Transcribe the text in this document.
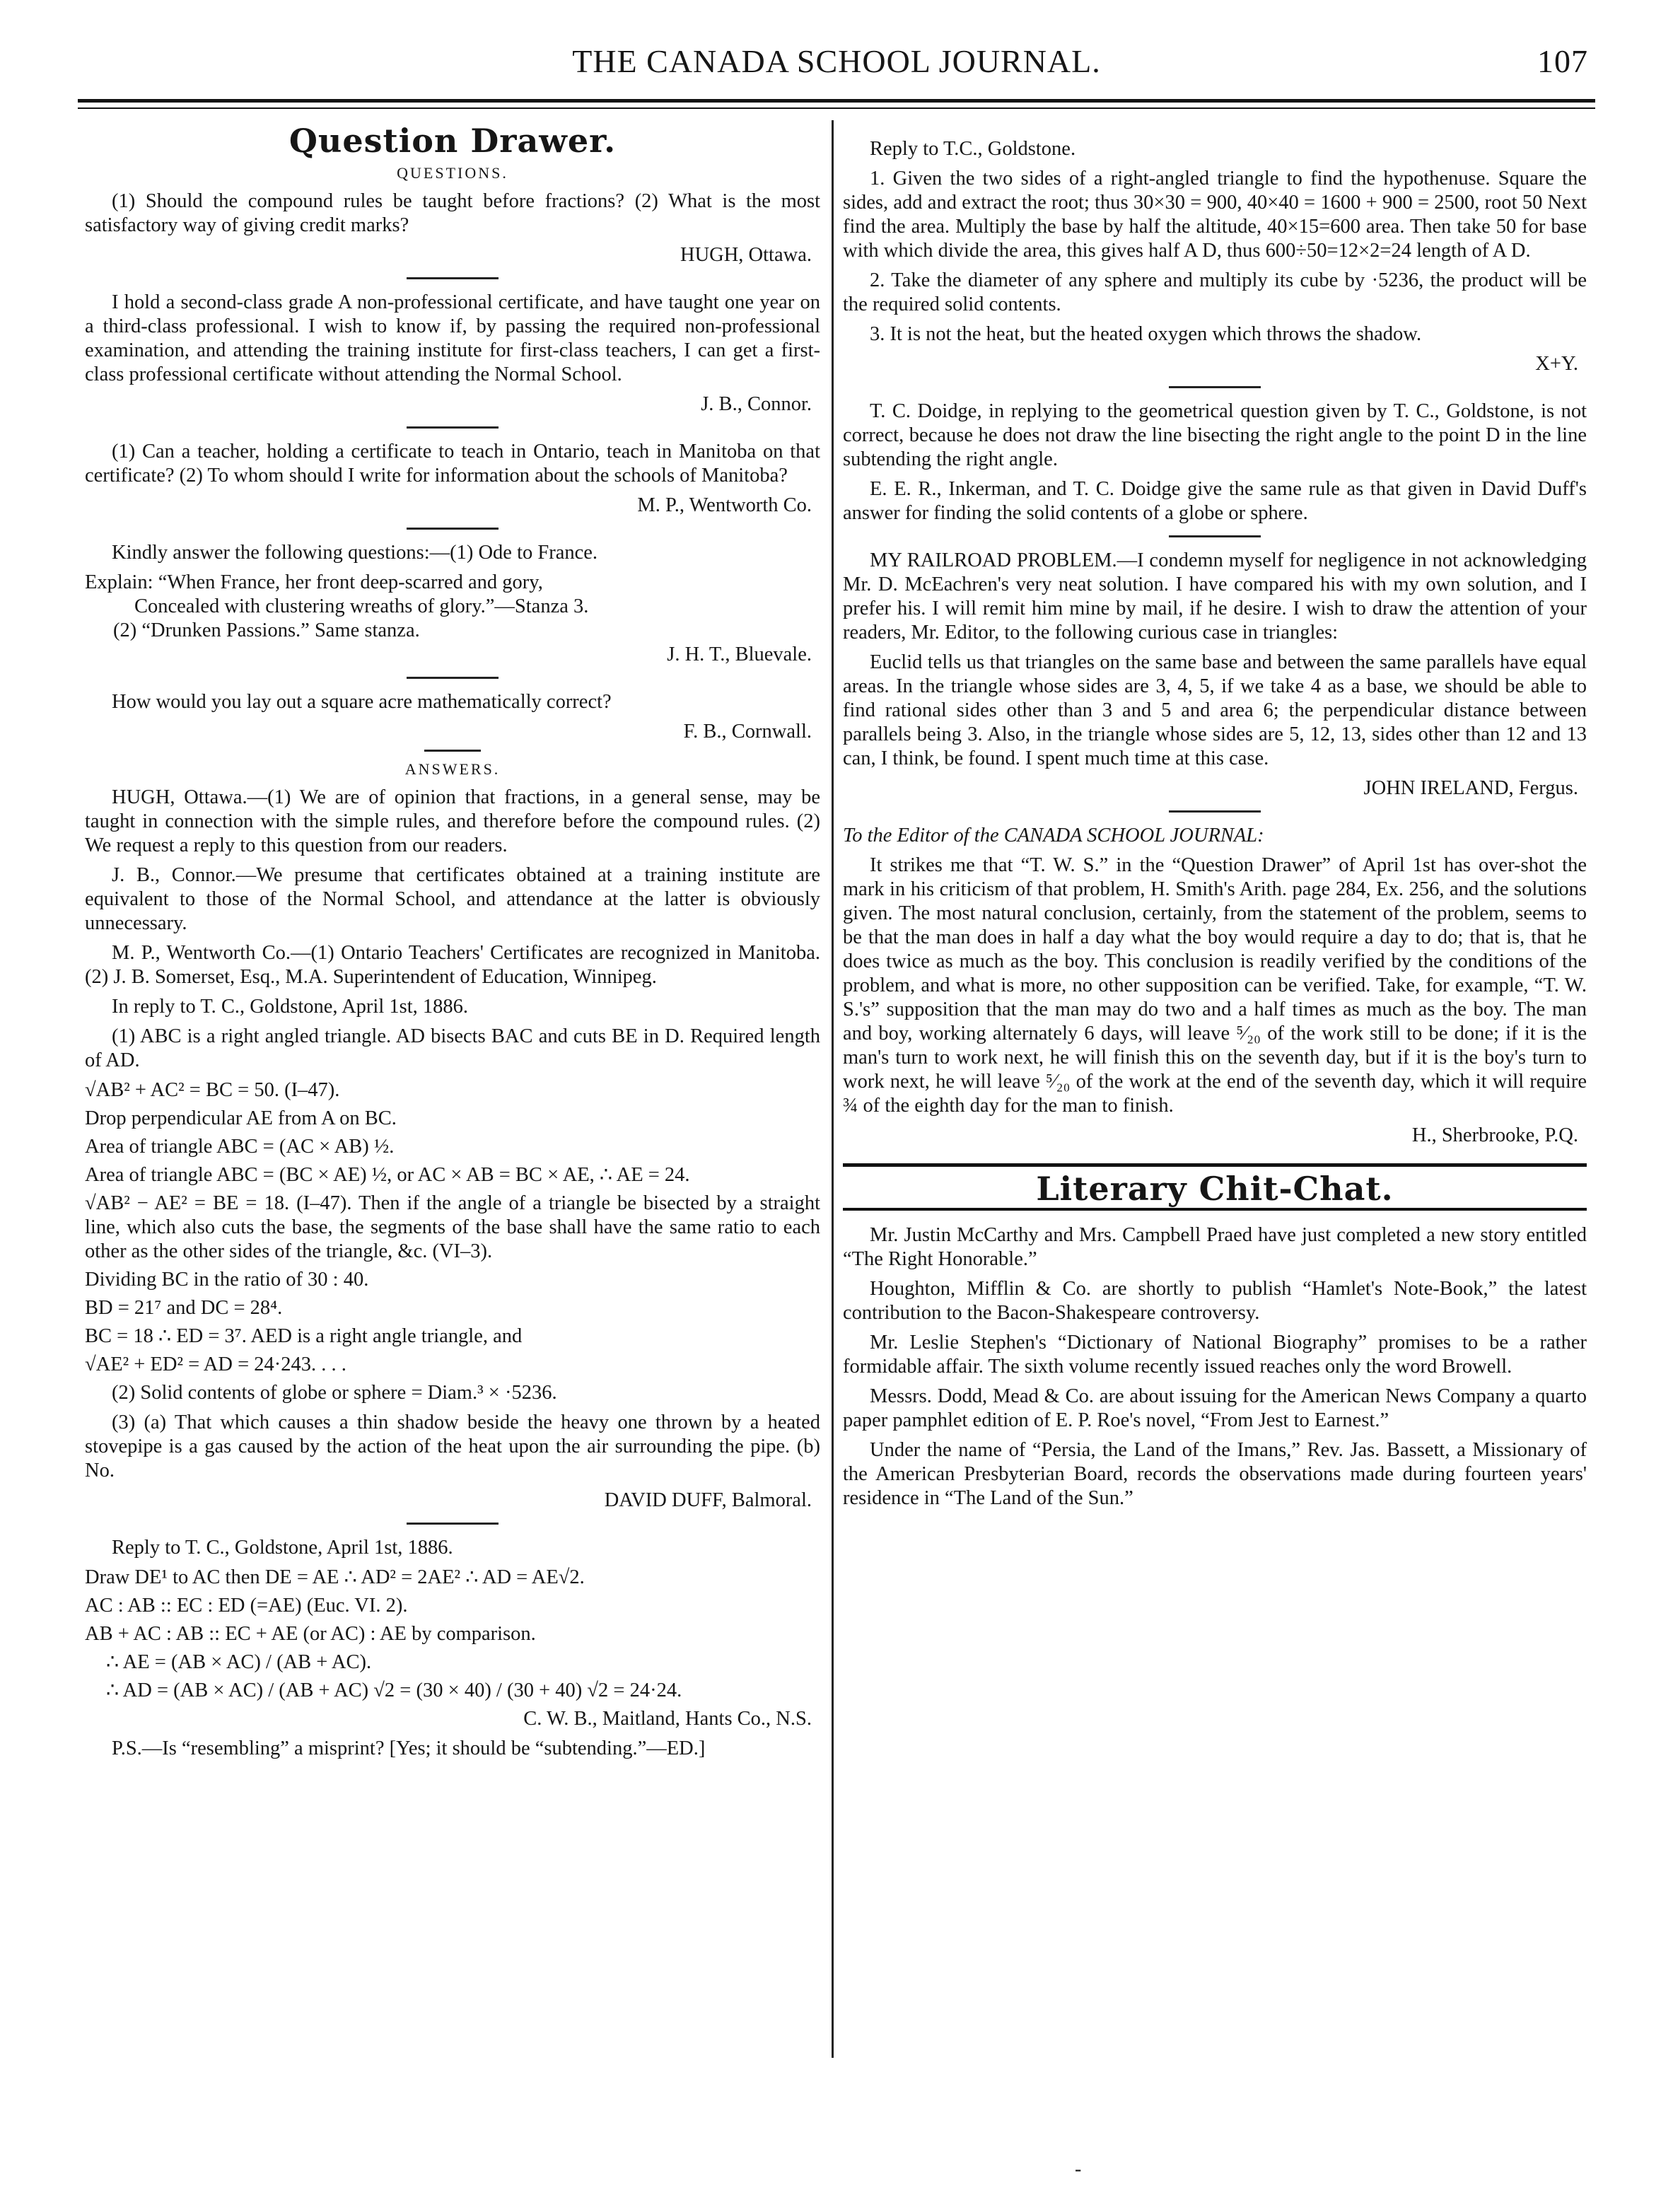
THE CANADA SCHOOL JOURNAL.	107
Question Drawer.
QUESTIONS.

(1) Should the compound rules be taught before fractions? (2) What is the most satisfactory way of giving credit marks?

HUGH, Ottawa.

I hold a second-class grade A non-professional certificate, and have taught one year on a third-class professional. I wish to know if, by passing the required non-professional examination, and attending the training institute for first-class teachers, I can get a first-class professional certificate without attending the Normal School.

J. B., Connor.

(1) Can a teacher, holding a certificate to teach in Ontario, teach in Manitoba on that certificate? (2) To whom should I write for information about the schools of Manitoba?

M. P., Wentworth Co.

Kindly answer the following questions:—(1) Ode to France.

Explain: “When France, her front deep-scarred and gory,

Concealed with clustering wreaths of glory.”—Stanza 3.

(2) “Drunken Passions.” Same stanza.

J. H. T., Bluevale.

How would you lay out a square acre mathematically correct?

F. B., Cornwall.
ANSWERS.

HUGH, Ottawa.—(1) We are of opinion that fractions, in a general sense, may be taught in connection with the simple rules, and therefore before the compound rules. (2) We request a reply to this question from our readers.

J. B., Connor.—We presume that certificates obtained at a training institute are equivalent to those of the Normal School, and attendance at the latter is obviously unnecessary.

M. P., Wentworth Co.—(1) Ontario Teachers' Certificates are recognized in Manitoba. (2) J. B. Somerset, Esq., M.A. Superintendent of Education, Winnipeg.

In reply to T. C., Goldstone, April 1st, 1886.

(1) ABC is a right angled triangle. AD bisects BAC and cuts BE in D. Required length of AD.

√AB² + AC² = BC = 50. (I–47).

Drop perpendicular AE from A on BC.

Area of triangle ABC = (AC × AB) ½.

Area of triangle ABC = (BC × AE) ½, or AC × AB = BC × AE, ∴ AE = 24.

√AB² − AE² = BE = 18. (I–47). Then if the angle of a triangle be bisected by a straight line, which also cuts the base, the segments of the base shall have the same ratio to each other as the other sides of the triangle, &c. (VI–3).

Dividing BC in the ratio of 30 : 40.

BD = 21⁷ and DC = 28⁴.

BC = 18 ∴ ED = 3⁷. AED is a right angle triangle, and

√AE² + ED² = AD = 24·243. . . .

(2) Solid contents of globe or sphere = Diam.³ × ·5236.

(3) (a) That which causes a thin shadow beside the heavy one thrown by a heated stovepipe is a gas caused by the action of the heat upon the air surrounding the pipe. (b) No.

DAVID DUFF, Balmoral.

Reply to T. C., Goldstone, April 1st, 1886.

Draw DE¹ to AC then DE = AE ∴ AD² = 2AE² ∴ AD = AE√2.

AC : AB :: EC : ED (=AE) (Euc. VI. 2).

AB + AC : AB :: EC + AE (or AC) : AE by comparison.

∴ AE = (AB × AC) / (AB + AC).

∴ AD = (AB × AC) / (AB + AC) √2 = (30 × 40) / (30 + 40) √2 = 24·24.

C. W. B., Maitland, Hants Co., N.S.

P.S.—Is “resembling” a misprint? [Yes; it should be “subtending.”—ED.]

Reply to T.C., Goldstone.

1. Given the two sides of a right-angled triangle to find the hypothenuse. Square the sides, add and extract the root; thus 30×30 = 900, 40×40 = 1600 + 900 = 2500, root 50 Next find the area. Multiply the base by half the altitude, 40×15=600 area. Then take 50 for base with which divide the area, this gives half A D, thus 600÷50=12×2=24 length of A D.

2. Take the diameter of any sphere and multiply its cube by ·5236, the product will be the required solid contents.

3. It is not the heat, but the heated oxygen which throws the shadow.

X+Y.

T. C. Doidge, in replying to the geometrical question given by T. C., Goldstone, is not correct, because he does not draw the line bisecting the right angle to the point D in the line subtending the right angle.

E. E. R., Inkerman, and T. C. Doidge give the same rule as that given in David Duff's answer for finding the solid contents of a globe or sphere.

MY RAILROAD PROBLEM.—I condemn myself for negligence in not acknowledging Mr. D. McEachren's very neat solution. I have compared his with my own solution, and I prefer his. I will remit him mine by mail, if he desire. I wish to draw the attention of your readers, Mr. Editor, to the following curious case in triangles:

Euclid tells us that triangles on the same base and between the same parallels have equal areas. In the triangle whose sides are 3, 4, 5, if we take 4 as a base, we should be able to find rational sides other than 3 and 5 and area 6; the perpendicular distance between parallels being 3. Also, in the triangle whose sides are 5, 12, 13, sides other than 12 and 13 can, I think, be found. I spent much time at this case.

JOHN IRELAND, Fergus.

To the Editor of the CANADA SCHOOL JOURNAL:

It strikes me that “T. W. S.” in the “Question Drawer” of April 1st has over-shot the mark in his criticism of that problem, H. Smith's Arith. page 284, Ex. 256, and the solutions given. The most natural conclusion, certainly, from the statement of the problem, seems to be that the man does in half a day what the boy would require a day to do; that is, that he does twice as much as the boy. This conclusion is readily verified by the conditions of the problem, and what is more, no other supposition can be verified. Take, for example, “T. W. S.'s” supposition that the man may do two and a half times as much as the boy. The man and boy, working alternately 6 days, will leave ⁵⁄₂₀ of the work still to be done; if it is the man's turn to work next, he will finish this on the seventh day, but if it is the boy's turn to work next, he will leave ⁵⁄₂₀ of the work at the end of the seventh day, which it will require ¾ of the eighth day for the man to finish.

H., Sherbrooke, P.Q.
Literary Chit-Chat.

Mr. Justin McCarthy and Mrs. Campbell Praed have just completed a new story entitled “The Right Honorable.”

Houghton, Mifflin & Co. are shortly to publish “Hamlet's Note-Book,” the latest contribution to the Bacon-Shakespeare controversy.

Mr. Leslie Stephen's “Dictionary of National Biography” promises to be a rather formidable affair. The sixth volume recently issued reaches only the word Browell.

Messrs. Dodd, Mead & Co. are about issuing for the American News Company a quarto paper pamphlet edition of E. P. Roe's novel, “From Jest to Earnest.”

Under the name of “Persia, the Land of the Imans,” Rev. Jas. Bassett, a Missionary of the American Presbyterian Board, records the observations made during fourteen years' residence in “The Land of the Sun.”

-
